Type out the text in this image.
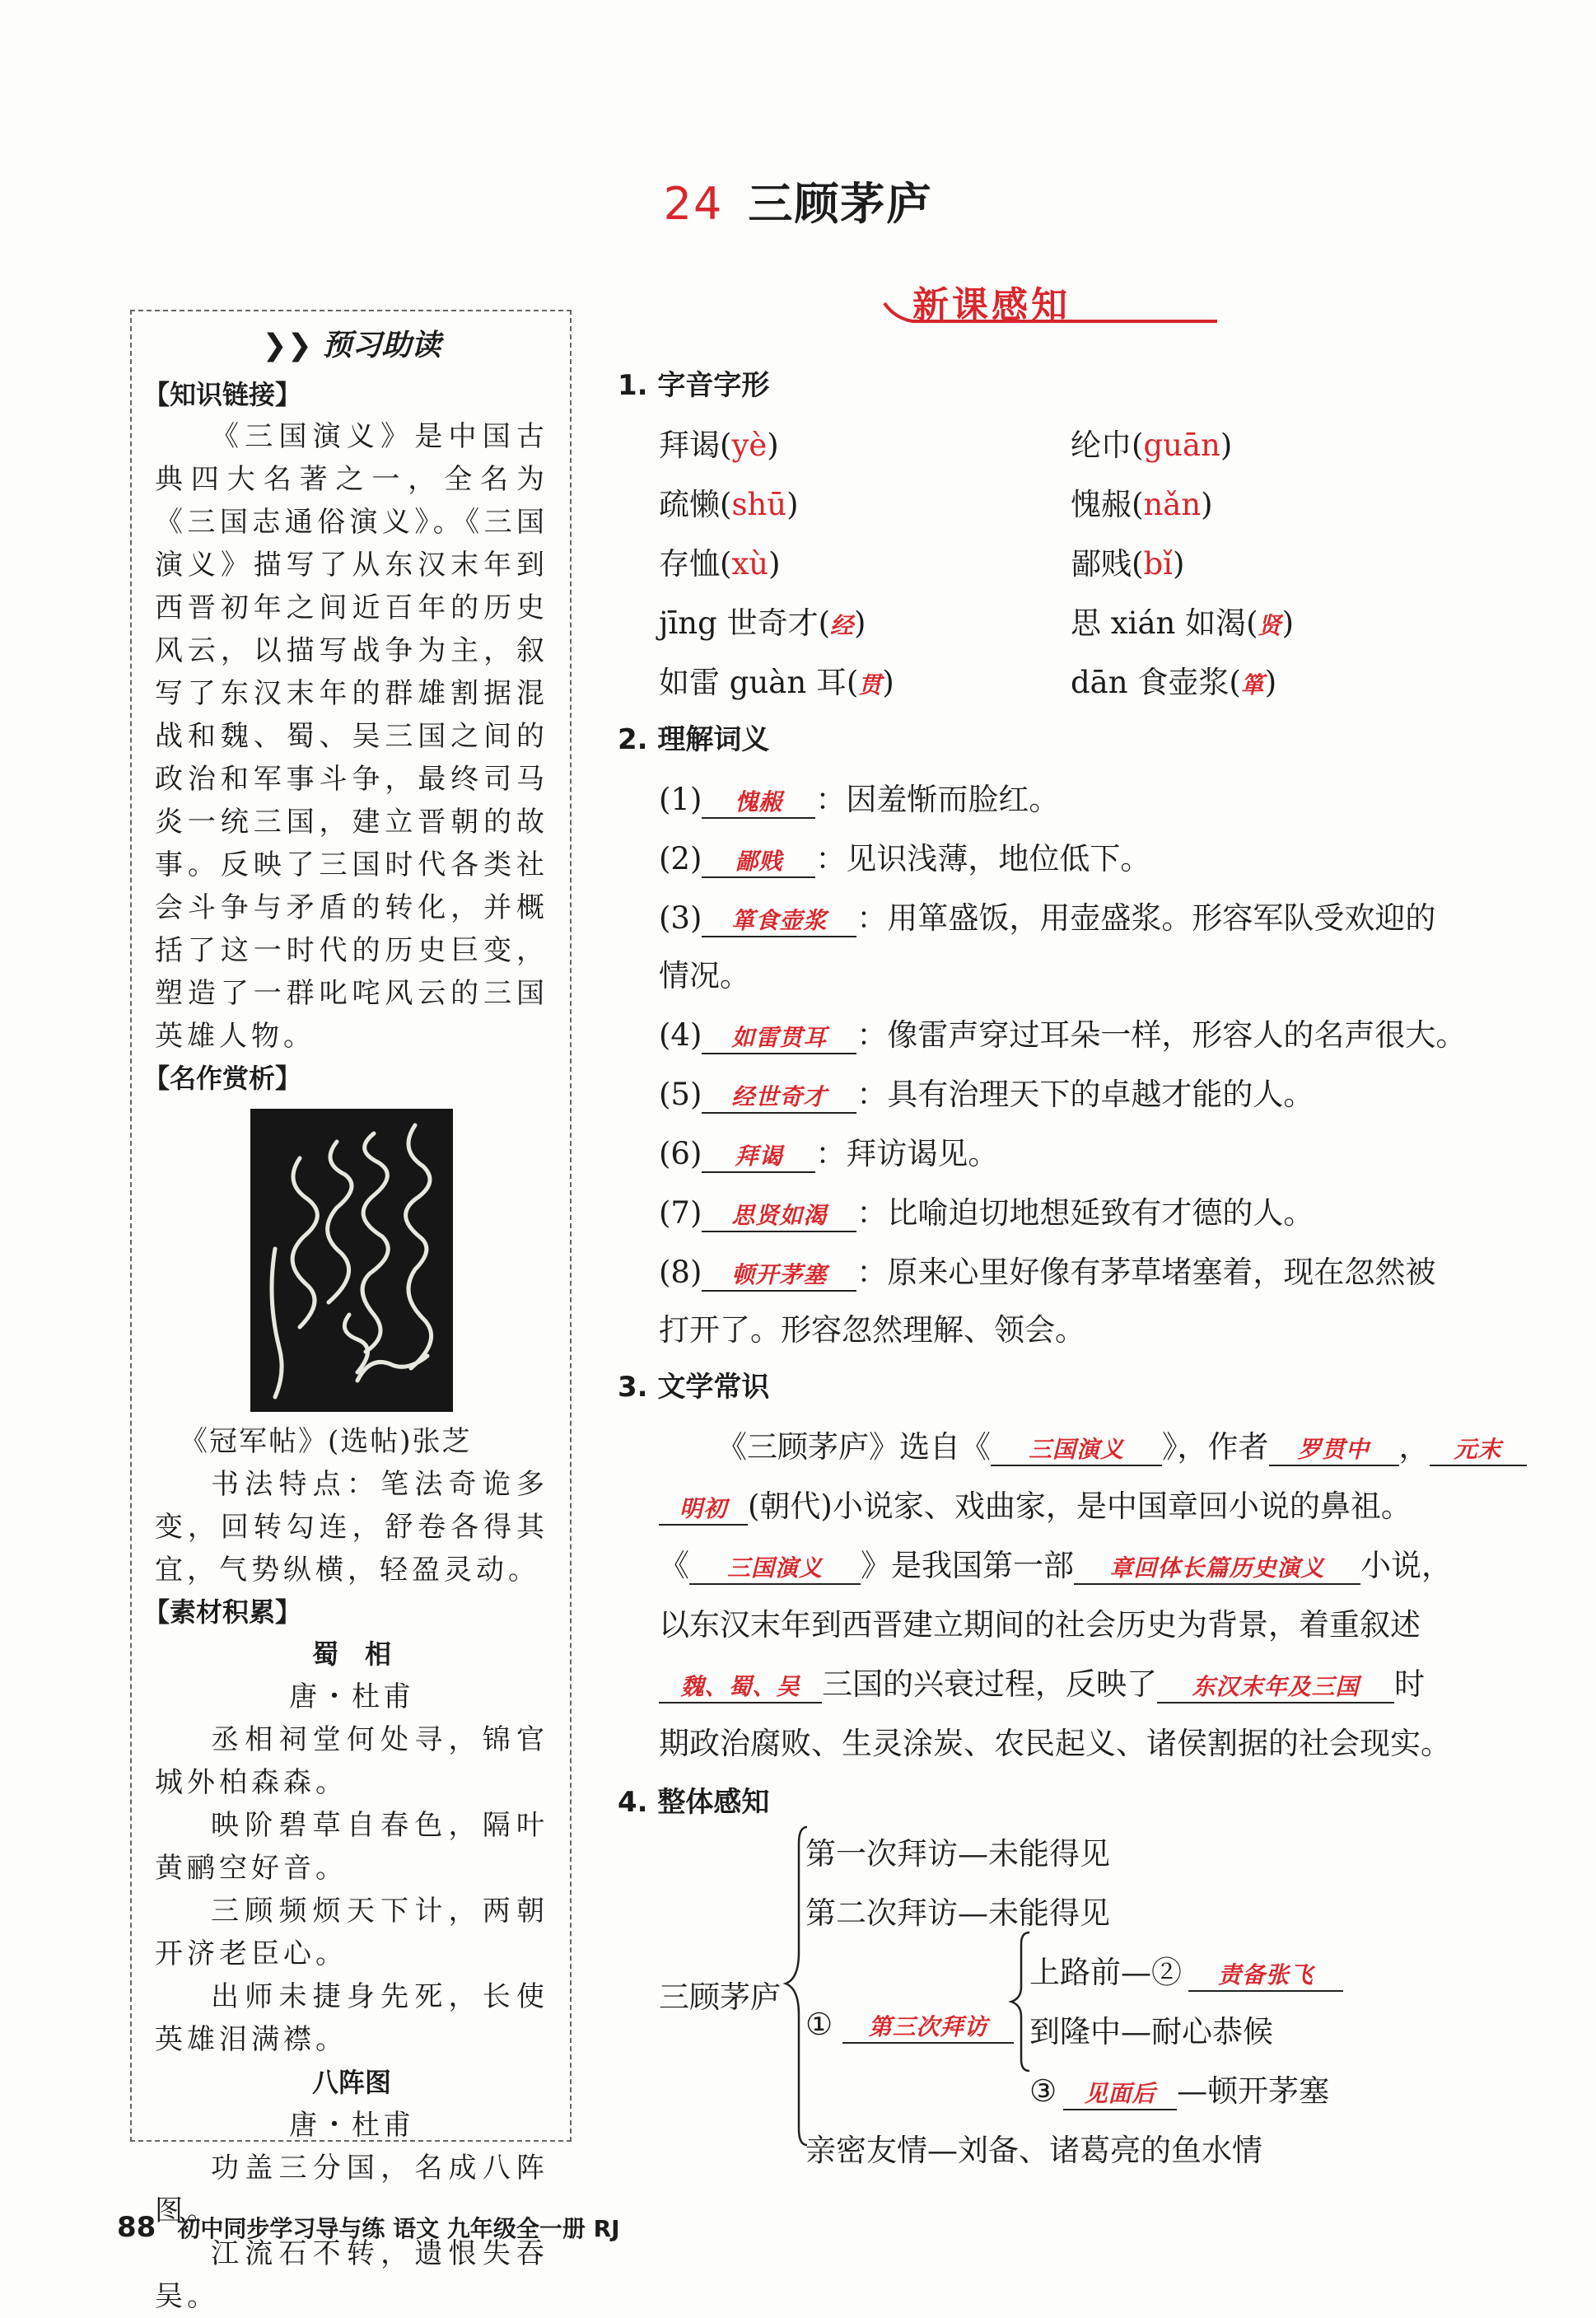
24 三顾茅庐
❯❯ 预习助读
【知识链接】
《三国演义》是中国古典四大名著之一，全名为《三国志通俗演义》。《三国演义》描写了从东汉末年到西晋初年之间近百年的历史风云，以描写战争为主，叙写了东汉末年的群雄割据混战和魏、蜀、吴三国之间的政治和军事斗争，最终司马炎一统三国，建立晋朝的故事。反映了三国时代各类社会斗争与矛盾的转化，并概括了这一时代的历史巨变，塑造了一群叱咤风云的三国英雄人物。
【名作赏析】
《冠军帖》(选帖)张芝
书法特点：笔法奇诡多变，回转勾连，舒卷各得其宜，气势纵横，轻盈灵动。
【素材积累】
蜀　相
唐・杜甫
丞相祠堂何处寻，锦官城外柏森森。
映阶碧草自春色，隔叶黄鹂空好音。
三顾频烦天下计，两朝开济老臣心。
出师未捷身先死，长使英雄泪满襟。
八阵图
唐・杜甫
功盖三分国，名成八阵图。
江流石不转，遗恨失吞吴。
新课感知
1. 字音字形
拜谒(yè)	纶巾(guān)
疏懒(shū)	愧赧(nǎn)
存恤(xù)	鄙贱(bǐ)
jīng 世奇才(经)	思 xián 如渴(贤)
如雷 guàn 耳(贯)	dān 食壶浆(箪)
2. 理解词义
(1) 愧赧 ：因羞惭而脸红。
(2) 鄙贱 ：见识浅薄，地位低下。
(3) 箪食壶浆 ：用箪盛饭，用壶盛浆。形容军队受欢迎的
情况。
(4) 如雷贯耳 ：像雷声穿过耳朵一样，形容人的名声很大。
(5) 经世奇才 ：具有治理天下的卓越才能的人。
(6) 拜谒 ：拜访谒见。
(7) 思贤如渴 ：比喻迫切地想延致有才德的人。
(8) 顿开茅塞 ：原来心里好像有茅草堵塞着，现在忽然被
打开了。形容忽然理解、领会。
3. 文学常识
《三顾茅庐》选自《 三国演义 》，作者 罗贯中 ， 元末
明初 (朝代)小说家、戏曲家，是中国章回小说的鼻祖。
《 三国演义 》是我国第一部 章回体长篇历史演义 小说，
以东汉末年到西晋建立期间的社会历史为背景，着重叙述
魏、蜀、吴 三国的兴衰过程，反映了 东汉末年及三国 时
期政治腐败、生灵涂炭、农民起义、诸侯割据的社会现实。
4. 整体感知
三顾茅庐
第一次拜访—未能得见
第二次拜访—未能得见
① 第三次拜访
上路前—② 责备张飞
到隆中—耐心恭候
③ 见面后 —顿开茅塞
亲密友情—刘备、诸葛亮的鱼水情
88 初中同步学习导与练 语文 九年级全一册 RJ
